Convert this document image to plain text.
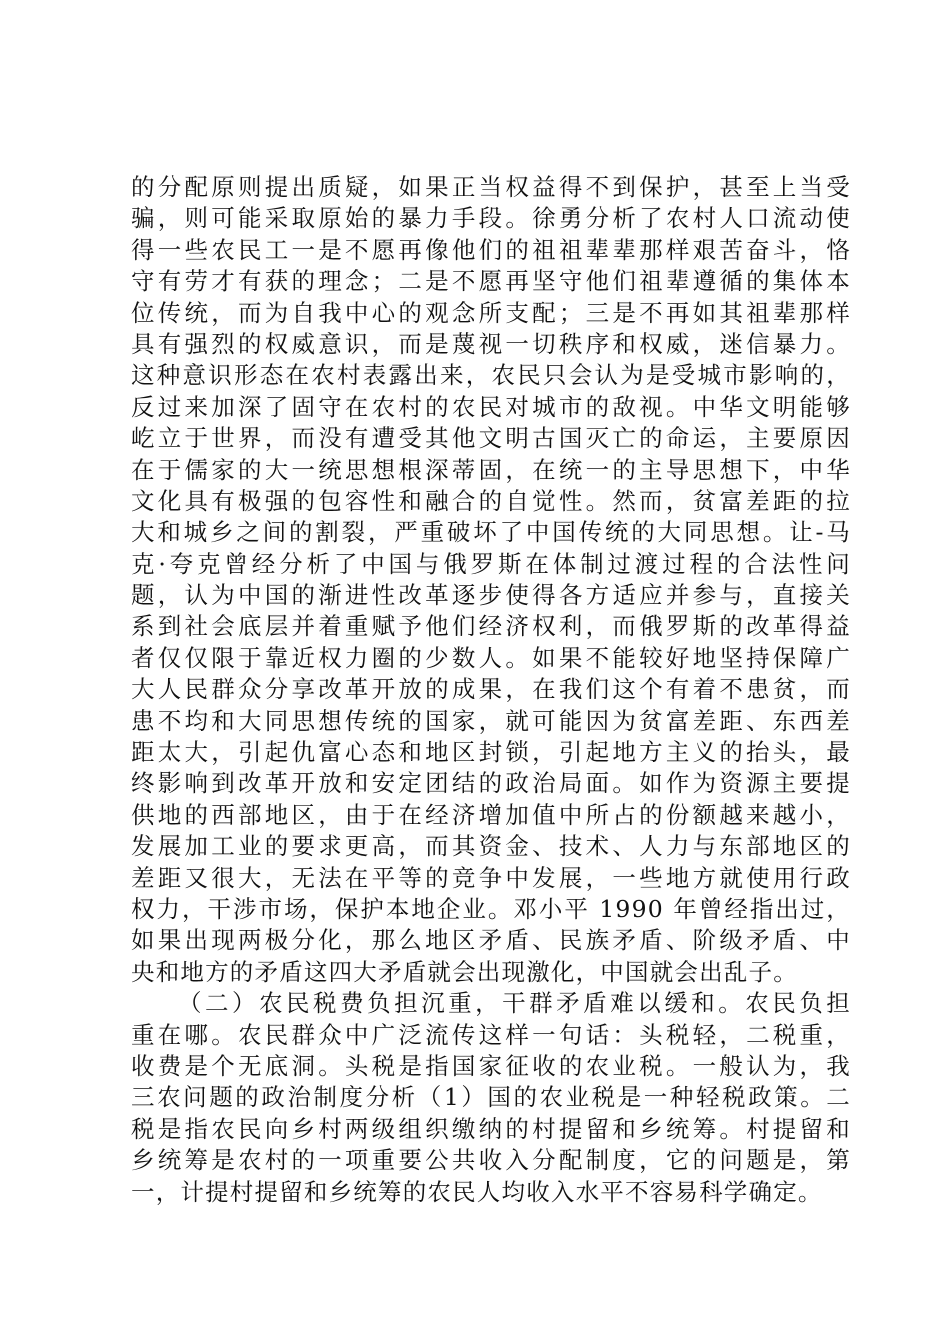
的分配原则提出质疑，如果正当权益得不到保护，甚至上当受
骗，则可能采取原始的暴力手段。徐勇分析了农村人口流动使
得一些农民工一是不愿再像他们的祖祖辈辈那样艰苦奋斗，恪
守有劳才有获的理念；二是不愿再坚守他们祖辈遵循的集体本
位传统，而为自我中心的观念所支配；三是不再如其祖辈那样
具有强烈的权威意识，而是蔑视一切秩序和权威，迷信暴力。
这种意识形态在农村表露出来，农民只会认为是受城市影响的，
反过来加深了固守在农村的农民对城市的敌视。中华文明能够
屹立于世界，而没有遭受其他文明古国灭亡的命运，主要原因
在于儒家的大一统思想根深蒂固，在统一的主导思想下，中华
文化具有极强的包容性和融合的自觉性。然而，贫富差距的拉
大和城乡之间的割裂，严重破坏了中国传统的大同思想。让-马
克·夸克曾经分析了中国与俄罗斯在体制过渡过程的合法性问
题，认为中国的渐进性改革逐步使得各方适应并参与，直接关
系到社会底层并着重赋予他们经济权利，而俄罗斯的改革得益
者仅仅限于靠近权力圈的少数人。如果不能较好地坚持保障广
大人民群众分享改革开放的成果，在我们这个有着不患贫，而
患不均和大同思想传统的国家，就可能因为贫富差距、东西差
距太大，引起仇富心态和地区封锁，引起地方主义的抬头，最
终影响到改革开放和安定团结的政治局面。如作为资源主要提
供地的西部地区，由于在经济增加值中所占的份额越来越小，
发展加工业的要求更高，而其资金、技术、人力与东部地区的
差距又很大，无法在平等的竞争中发展，一些地方就使用行政
权力，干涉市场，保护本地企业。邓小平 1990 年曾经指出过，
如果出现两极分化，那么地区矛盾、民族矛盾、阶级矛盾、中
央和地方的矛盾这四大矛盾就会出现激化，中国就会出乱子。
（二）农民税费负担沉重，干群矛盾难以缓和。农民负担
重在哪。农民群众中广泛流传这样一句话：头税轻，二税重，
收费是个无底洞。头税是指国家征收的农业税。一般认为，我
三农问题的政治制度分析（1）国的农业税是一种轻税政策。二
税是指农民向乡村两级组织缴纳的村提留和乡统筹。村提留和
乡统筹是农村的一项重要公共收入分配制度，它的问题是，第
一，计提村提留和乡统筹的农民人均收入水平不容易科学确定。
